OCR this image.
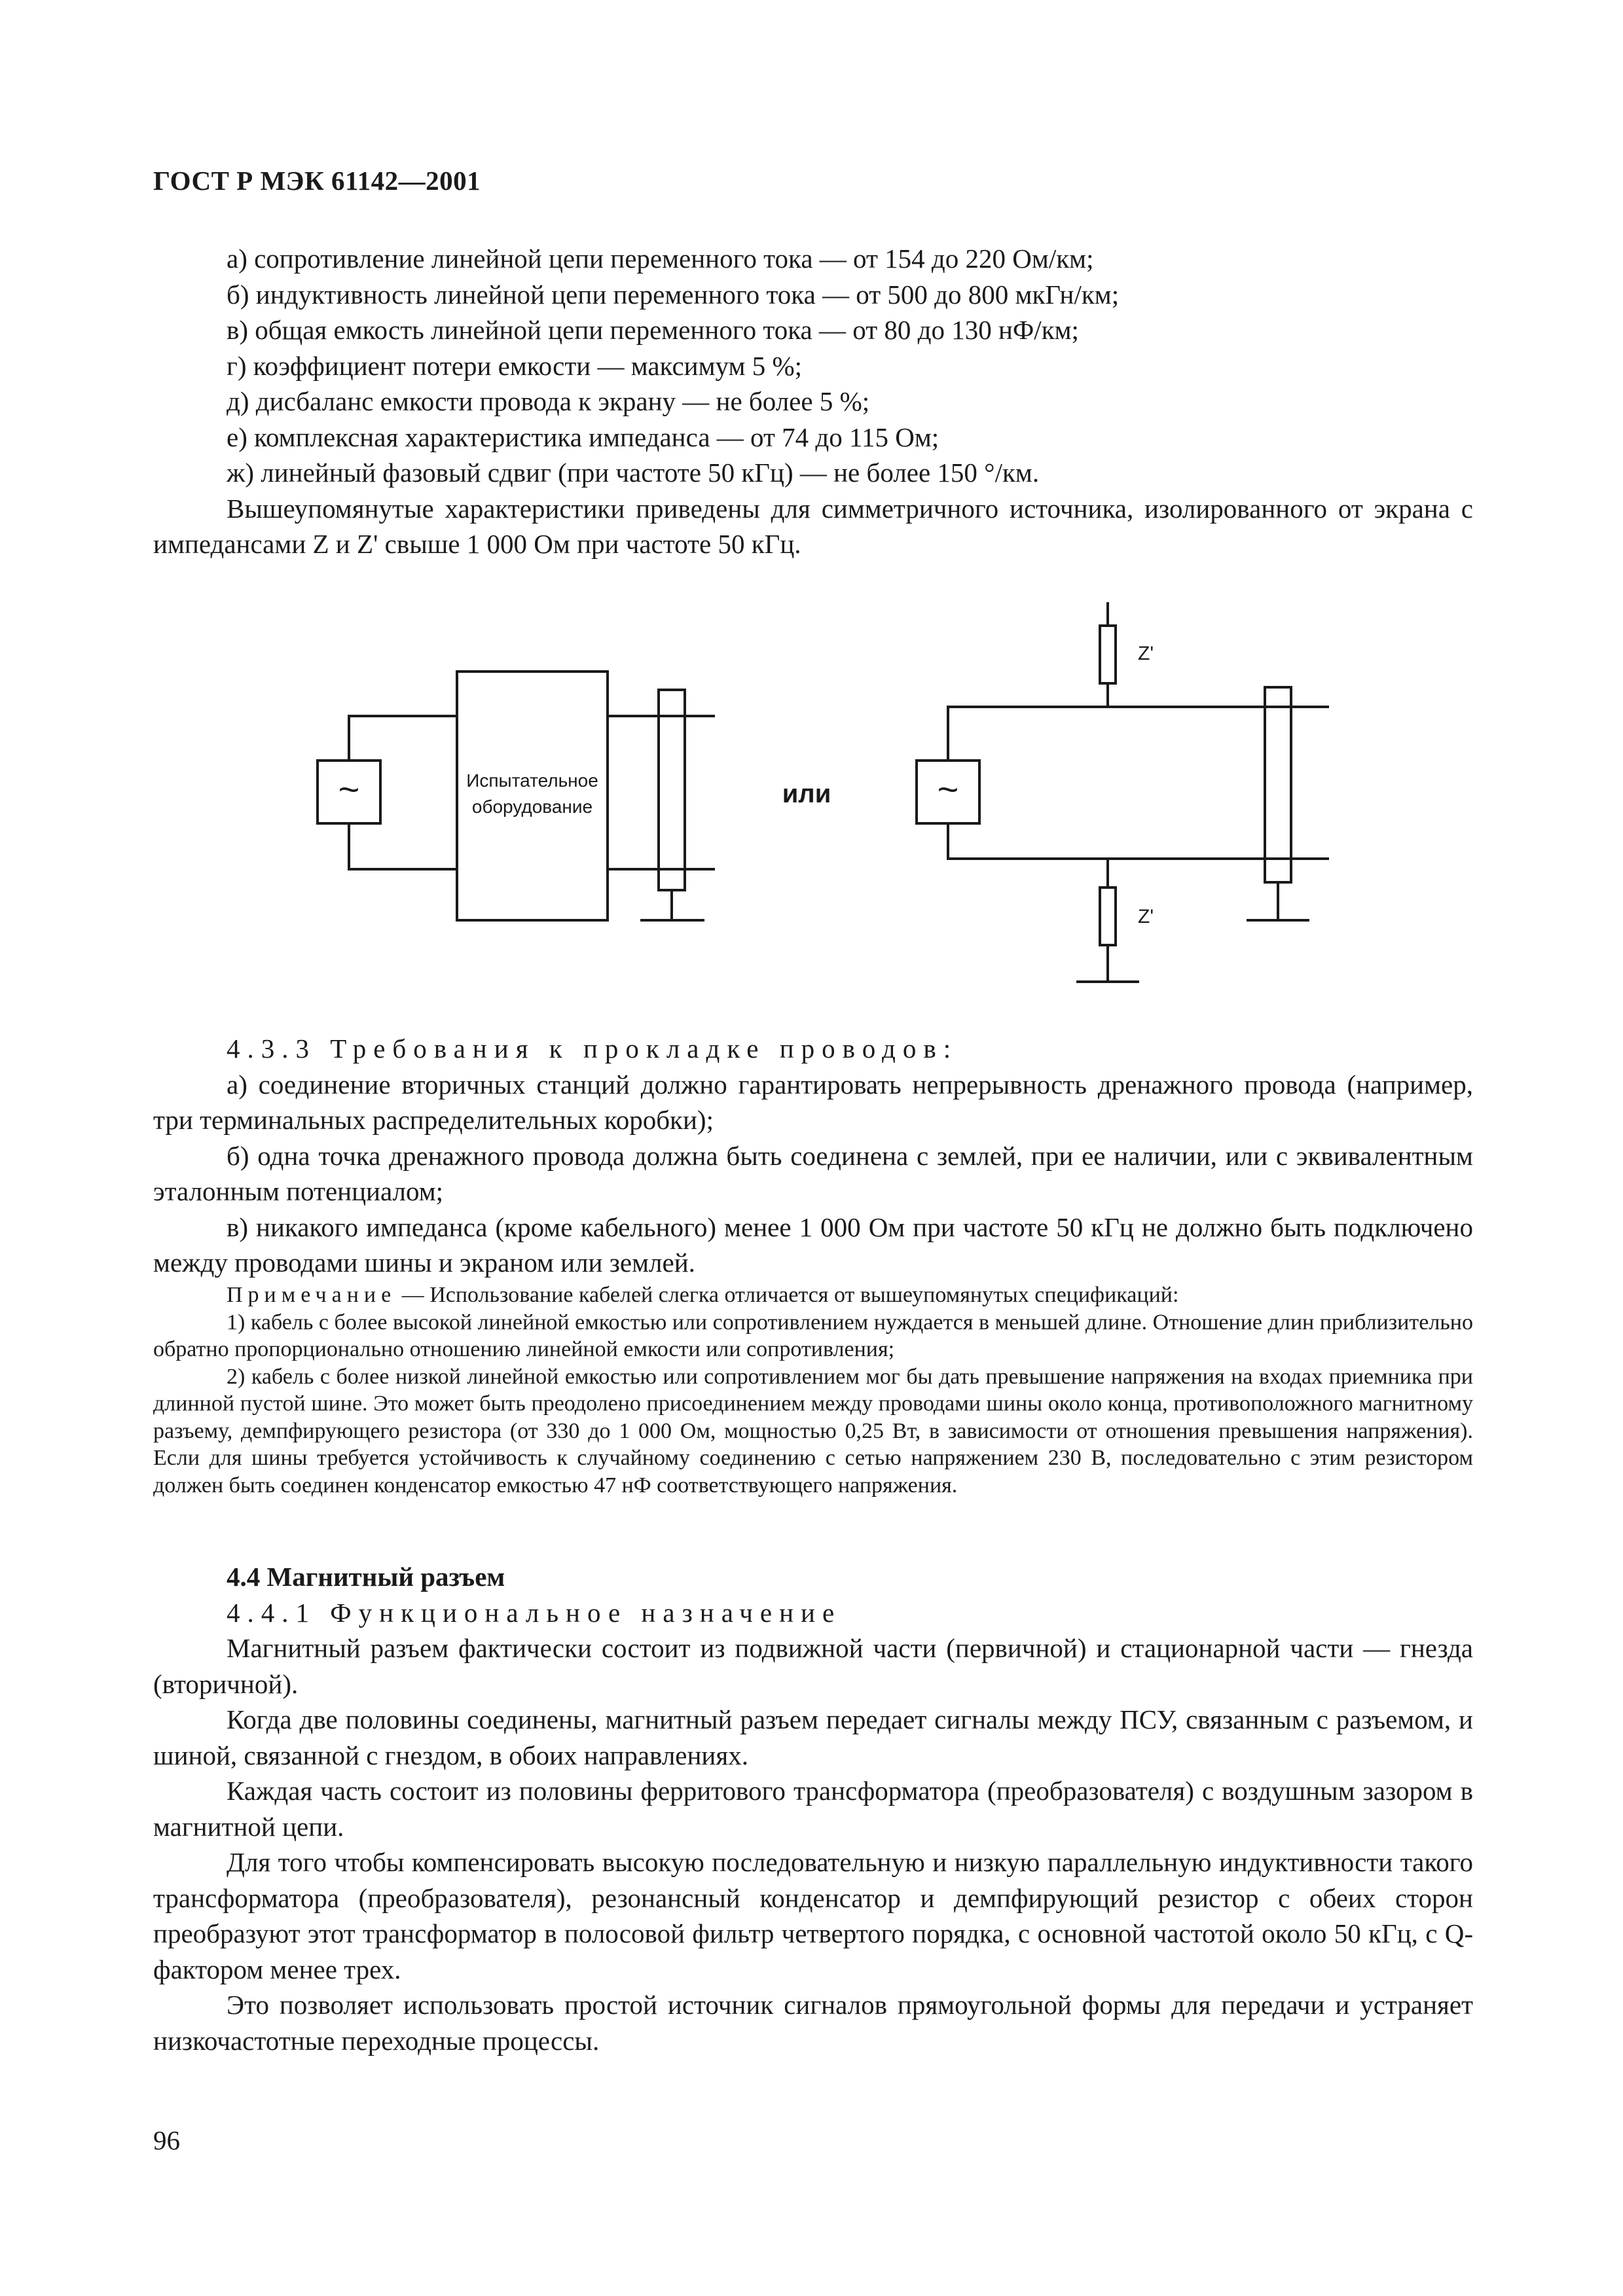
ГОСТ Р МЭК 61142—2001

а) сопротивление линейной цепи переменного тока — от 154 до 220 Ом/км;

б) индуктивность линейной цепи переменного тока — от 500 до 800 мкГн/км;

в) общая емкость линейной цепи переменного тока — от 80 до 130 нФ/км;

г) коэффициент потери емкости — максимум 5 %;

д) дисбаланс емкости провода к экрану — не более 5 %;

е) комплексная характеристика импеданса — от 74 до 115 Ом;

ж) линейный фазовый сдвиг (при частоте 50 кГц) — не более 150 °/км.

Вышеупомянутые характеристики приведены для симметричного источника, изолированного от экрана с импедансами Z и Z' свыше 1 000 Ом при частоте 50 кГц.

~	~
Испытательное
оборудование	или
Z'
Z'

4.3.3 Требования к прокладке проводов:

а) соединение вторичных станций должно гарантировать непрерывность дренажного провода (например, три терминальных распределительных коробки);

б) одна точка дренажного провода должна быть соединена с землей, при ее наличии, или с эквивалентным эталонным потенциалом;

в) никакого импеданса (кроме кабельного) менее 1 000 Ом при частоте 50 кГц не должно быть подключено между проводами шины и экраном или землей.

Примечание — Использование кабелей слегка отличается от вышеупомянутых спецификаций:

1) кабель с более высокой линейной емкостью или сопротивлением нуждается в меньшей длине. Отношение длин приблизительно обратно пропорционально отношению линейной емкости или сопротивления;

2) кабель с более низкой линейной емкостью или сопротивлением мог бы дать превышение напряжения на входах приемника при длинной пустой шине. Это может быть преодолено присоединением между проводами шины около конца, противоположного магнитному разъему, демпфирующего резистора (от 330 до 1 000 Ом, мощностью 0,25 Вт, в зависимости от отношения превышения напряжения). Если для шины требуется устойчивость к случайному соединению с сетью напряжением 230 В, последовательно с этим резистором должен быть соединен конденсатор емкостью 47 нФ соответствующего напряжения.

4.4 Магнитный разъем

4.4.1 Функциональное назначение

Магнитный разъем фактически состоит из подвижной части (первичной) и стационарной части — гнезда (вторичной).

Когда две половины соединены, магнитный разъем передает сигналы между ПСУ, связанным с разъемом, и шиной, связанной с гнездом, в обоих направлениях.

Каждая часть состоит из половины ферритового трансформатора (преобразователя) с воздушным зазором в магнитной цепи.

Для того чтобы компенсировать высокую последовательную и низкую параллельную индуктивности такого трансформатора (преобразователя), резонансный конденсатор и демпфирующий резистор с обеих сторон преобразуют этот трансформатор в полосовой фильтр четвертого порядка, с основной частотой около 50 кГц, с Q-фактором менее трех.

Это позволяет использовать простой источник сигналов прямоугольной формы для передачи и устраняет низкочастотные переходные процессы.

96
